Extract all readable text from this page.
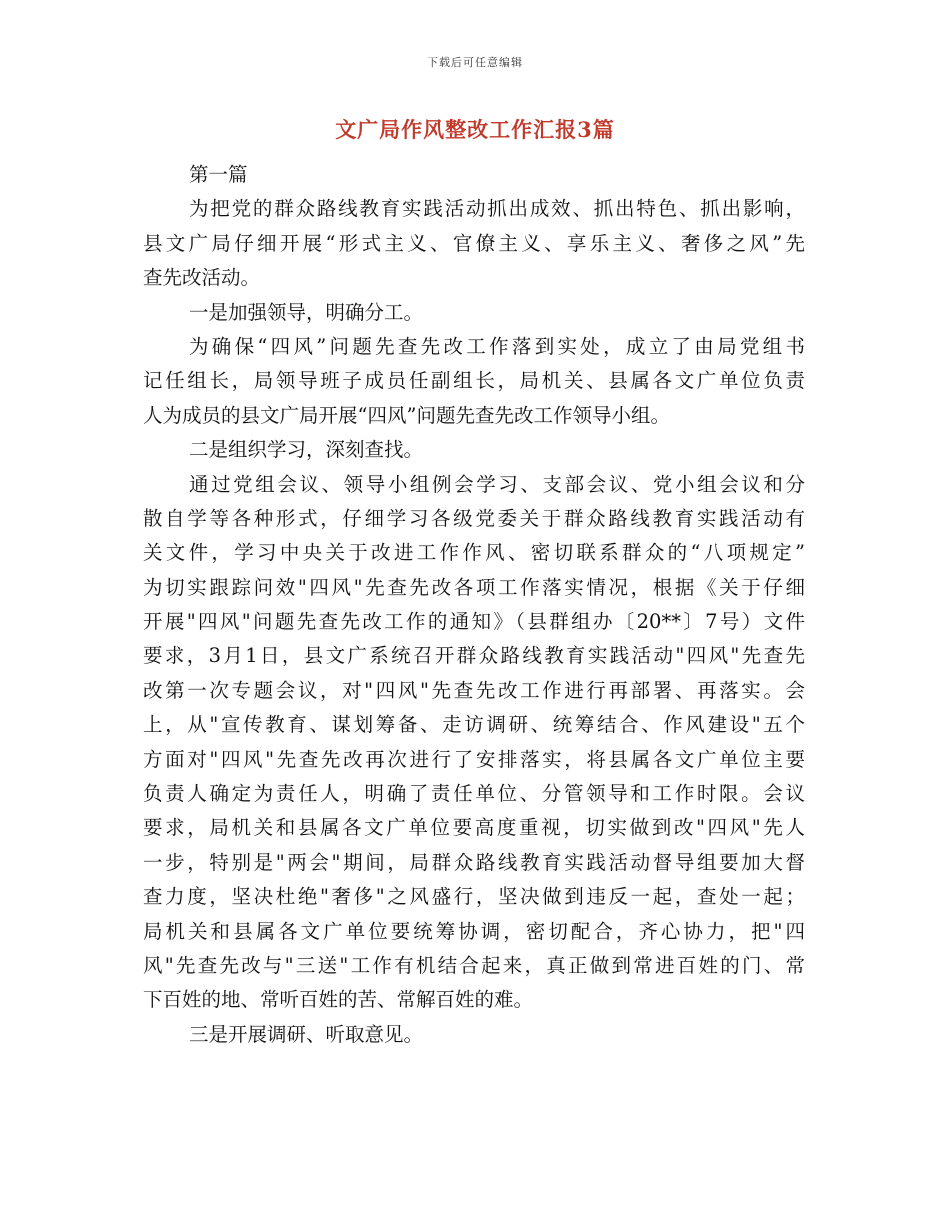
下载后可任意编辑
文广局作风整改工作汇报3篇
第一篇
为把党的群众路线教育实践活动抓出成效、抓出特色、抓出影响，
县文广局仔细开展“形式主义、官僚主义、享乐主义、奢侈之风”先
查先改活动。
一是加强领导，明确分工。
为确保“四风”问题先查先改工作落到实处，成立了由局党组书
记任组长，局领导班子成员任副组长，局机关、县属各文广单位负责
人为成员的县文广局开展“四风”问题先查先改工作领导小组。
二是组织学习，深刻查找。
通过党组会议、领导小组例会学习、支部会议、党小组会议和分
散自学等各种形式，仔细学习各级党委关于群众路线教育实践活动有
关文件，学习中央关于改进工作作风、密切联系群众的“八项规定”
为切实跟踪问效"四风"先查先改各项工作落实情况，根据《关于仔细
开展"四风"问题先查先改工作的通知》（县群组办〔20**〕7号）文件
要求，3月1日，县文广系统召开群众路线教育实践活动"四风"先查先
改第一次专题会议，对"四风"先查先改工作进行再部署、再落实。会
上，从"宣传教育、谋划筹备、走访调研、统筹结合、作风建设"五个
方面对"四风"先查先改再次进行了安排落实，将县属各文广单位主要
负责人确定为责任人，明确了责任单位、分管领导和工作时限。会议
要求，局机关和县属各文广单位要高度重视，切实做到改"四风"先人
一步，特别是"两会"期间，局群众路线教育实践活动督导组要加大督
查力度，坚决杜绝"奢侈"之风盛行，坚决做到违反一起，查处一起；
局机关和县属各文广单位要统筹协调，密切配合，齐心协力，把"四
风"先查先改与"三送"工作有机结合起来，真正做到常进百姓的门、常
下百姓的地、常听百姓的苦、常解百姓的难。
三是开展调研、听取意见。
